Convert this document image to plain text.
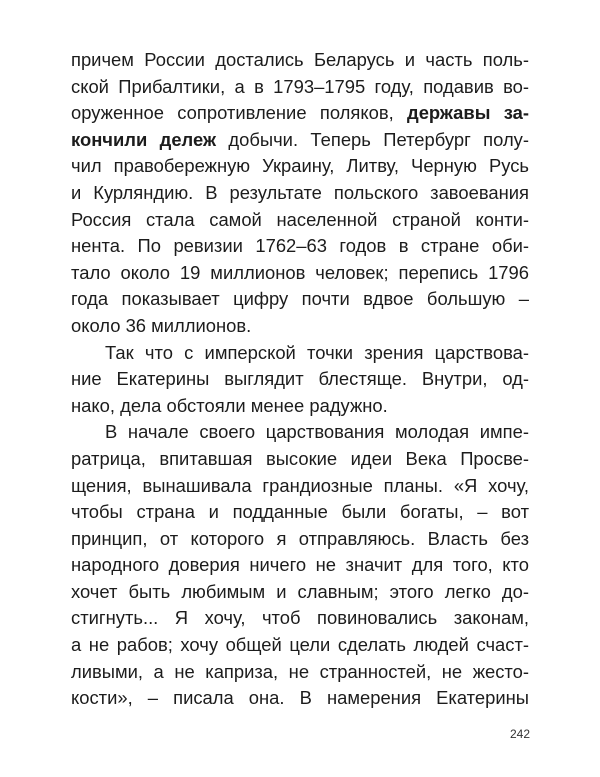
причем России достались Беларусь и часть поль-
ской Прибалтики, а в 1793–1795 году, подавив во-
оруженное сопротивление поляков, державы за-
кончили дележ добычи. Теперь Петербург полу-
чил правобережную Украину, Литву, Черную Русь
и Курляндию. В результате польского завоевания
Россия стала самой населенной страной конти-
нента. По ревизии 1762–63 годов в стране оби-
тало около 19 миллионов человек; перепись 1796
года показывает цифру почти вдвое большую –
около 36 миллионов.
Так что с имперской точки зрения царствова-
ние Екатерины выглядит блестяще. Внутри, од-
нако, дела обстояли менее радужно.
В начале своего царствования молодая импе-
ратрица, впитавшая высокие идеи Века Просве-
щения, вынашивала грандиозные планы. «Я хочу,
чтобы страна и подданные были богаты, – вот
принцип, от которого я отправляюсь. Власть без
народного доверия ничего не значит для того, кто
хочет быть любимым и славным; этого легко до-
стигнуть... Я хочу, чтоб повиновались законам,
а не рабов; хочу общей цели сделать людей счаст-
ливыми, а не каприза, не странностей, не жесто-
кости», – писала она. В намерения Екатерины
242
